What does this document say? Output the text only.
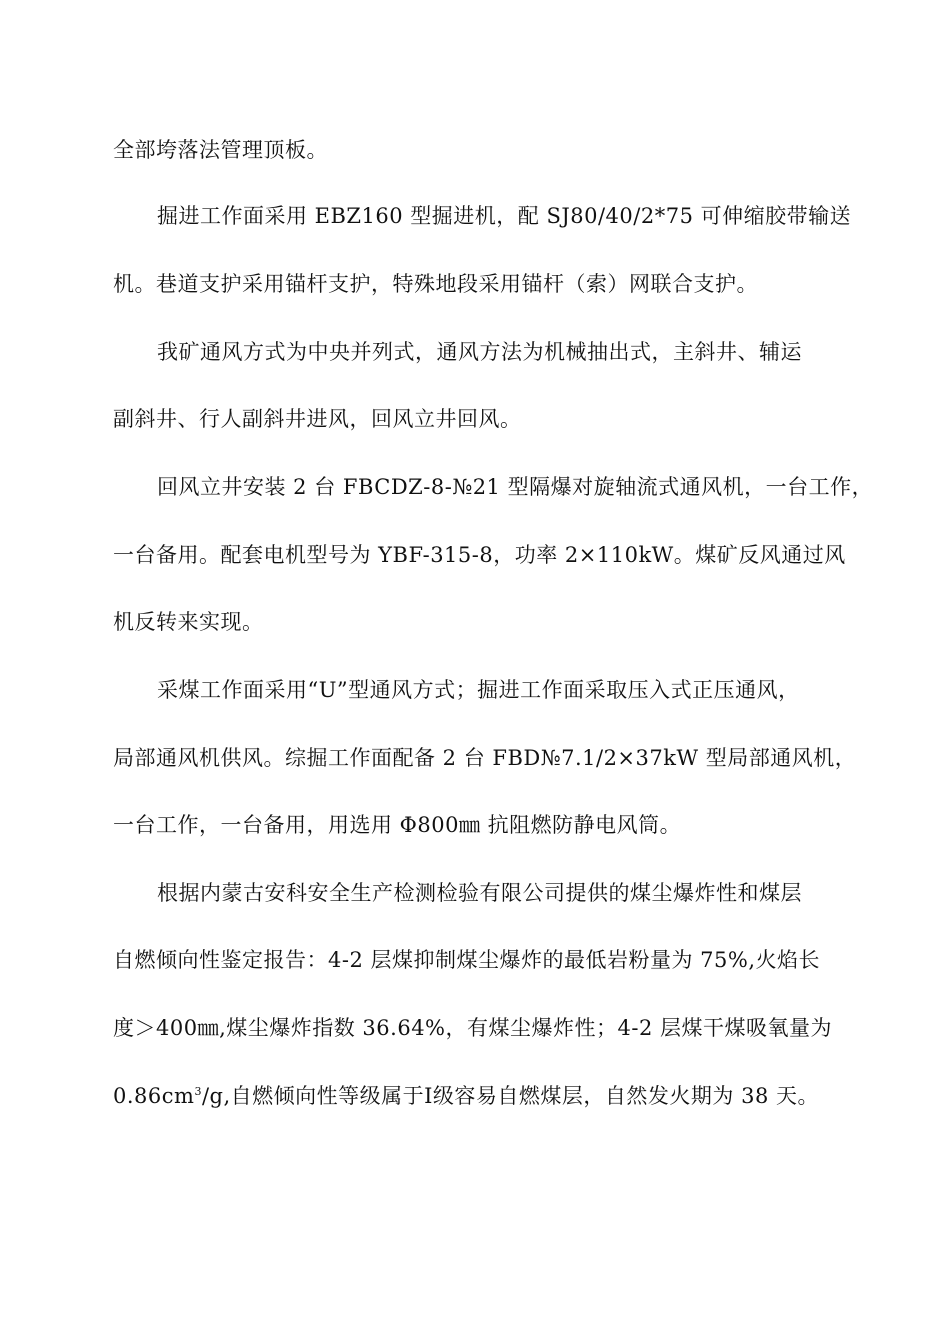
全部垮落法管理顶板。
掘进工作面采用 EBZ160 型掘进机，配 SJ80/40/2*75 可伸缩胶带输送
机。巷道支护采用锚杆支护，特殊地段采用锚杆（索）网联合支护。
我矿通风方式为中央并列式，通风方法为机械抽出式，主斜井、辅运
副斜井、行人副斜井进风，回风立井回风。
回风立井安装 2 台 FBCDZ-8-№21 型隔爆对旋轴流式通风机，一台工作，
一台备用。配套电机型号为 YBF-315-8，功率 2×110kW。煤矿反风通过风
机反转来实现。
采煤工作面采用“U”型通风方式；掘进工作面采取压入式正压通风，
局部通风机供风。综掘工作面配备 2 台 FBD№7.1/2×37kW 型局部通风机，
一台工作，一台备用，用选用 Φ800㎜ 抗阻燃防静电风筒。
根据内蒙古安科安全生产检测检验有限公司提供的煤尘爆炸性和煤层
自燃倾向性鉴定报告：4-2 层煤抑制煤尘爆炸的最低岩粉量为 75%,火焰长
度＞400㎜,煤尘爆炸指数 36.64%，有煤尘爆炸性；4-2 层煤干煤吸氧量为
$0.86cm^3/g$,自燃倾向性等级属于Ⅰ级容易自燃煤层，自然发火期为 38 天。
